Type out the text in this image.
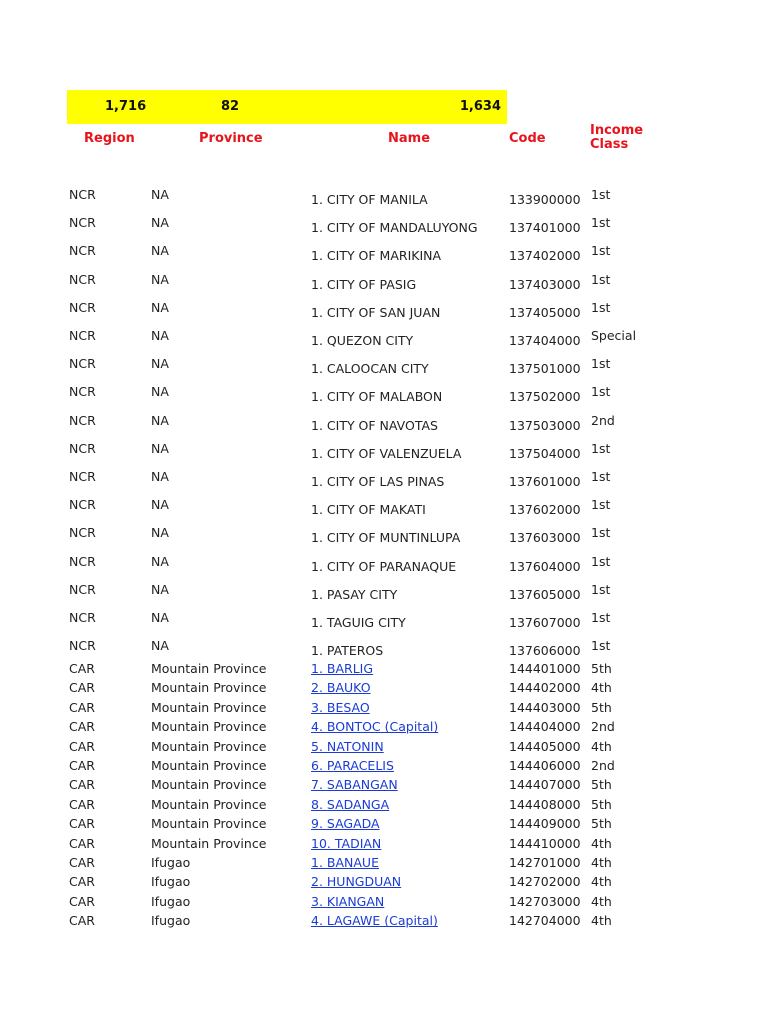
1,716	82	1,634
Region	Province	Name	Code
Income
Class
NCR	NA	1. CITY OF MANILA	133900000 1st
NCR	NA	1. CITY OF MANDALUYONG	137401000 1st
NCR	NA	1. CITY OF MARIKINA	137402000 1st
NCR	NA	1. CITY OF PASIG	137403000 1st
NCR	NA	1. CITY OF SAN JUAN	137405000 1st
NCR	NA	1. QUEZON CITY	137404000 Special
NCR	NA	1. CALOOCAN CITY	137501000 1st
NCR	NA	1. CITY OF MALABON	137502000 1st
NCR	NA	1. CITY OF NAVOTAS	137503000 2nd
NCR	NA	1. CITY OF VALENZUELA	137504000 1st
NCR	NA	1. CITY OF LAS PINAS	137601000 1st
NCR	NA	1. CITY OF MAKATI	137602000 1st
NCR	NA	1. CITY OF MUNTINLUPA	137603000 1st
NCR	NA	1. CITY OF PARANAQUE	137604000 1st
NCR	NA	1. PASAY CITY	137605000 1st
NCR	NA	1. TAGUIG CITY	137607000 1st
NCR	NA	1. PATEROS	137606000 1st
CAR	Mountain Province	1. BARLIG	144401000 5th
CAR	Mountain Province	2. BAUKO	144402000 4th
CAR	Mountain Province	3. BESAO	144403000 5th
CAR	Mountain Province	4. BONTOC (Capital)	144404000 2nd
CAR	Mountain Province	5. NATONIN	144405000 4th
CAR	Mountain Province	6. PARACELIS	144406000 2nd
CAR	Mountain Province	7. SABANGAN	144407000 5th
CAR	Mountain Province	8. SADANGA	144408000 5th
CAR	Mountain Province	9. SAGADA	144409000 5th
CAR	Mountain Province	10. TADIAN	144410000 4th
CAR	Ifugao	1. BANAUE	142701000 4th
CAR	Ifugao	2. HUNGDUAN	142702000 4th
CAR	Ifugao	3. KIANGAN	142703000 4th
CAR	Ifugao	4. LAGAWE (Capital)	142704000 4th
